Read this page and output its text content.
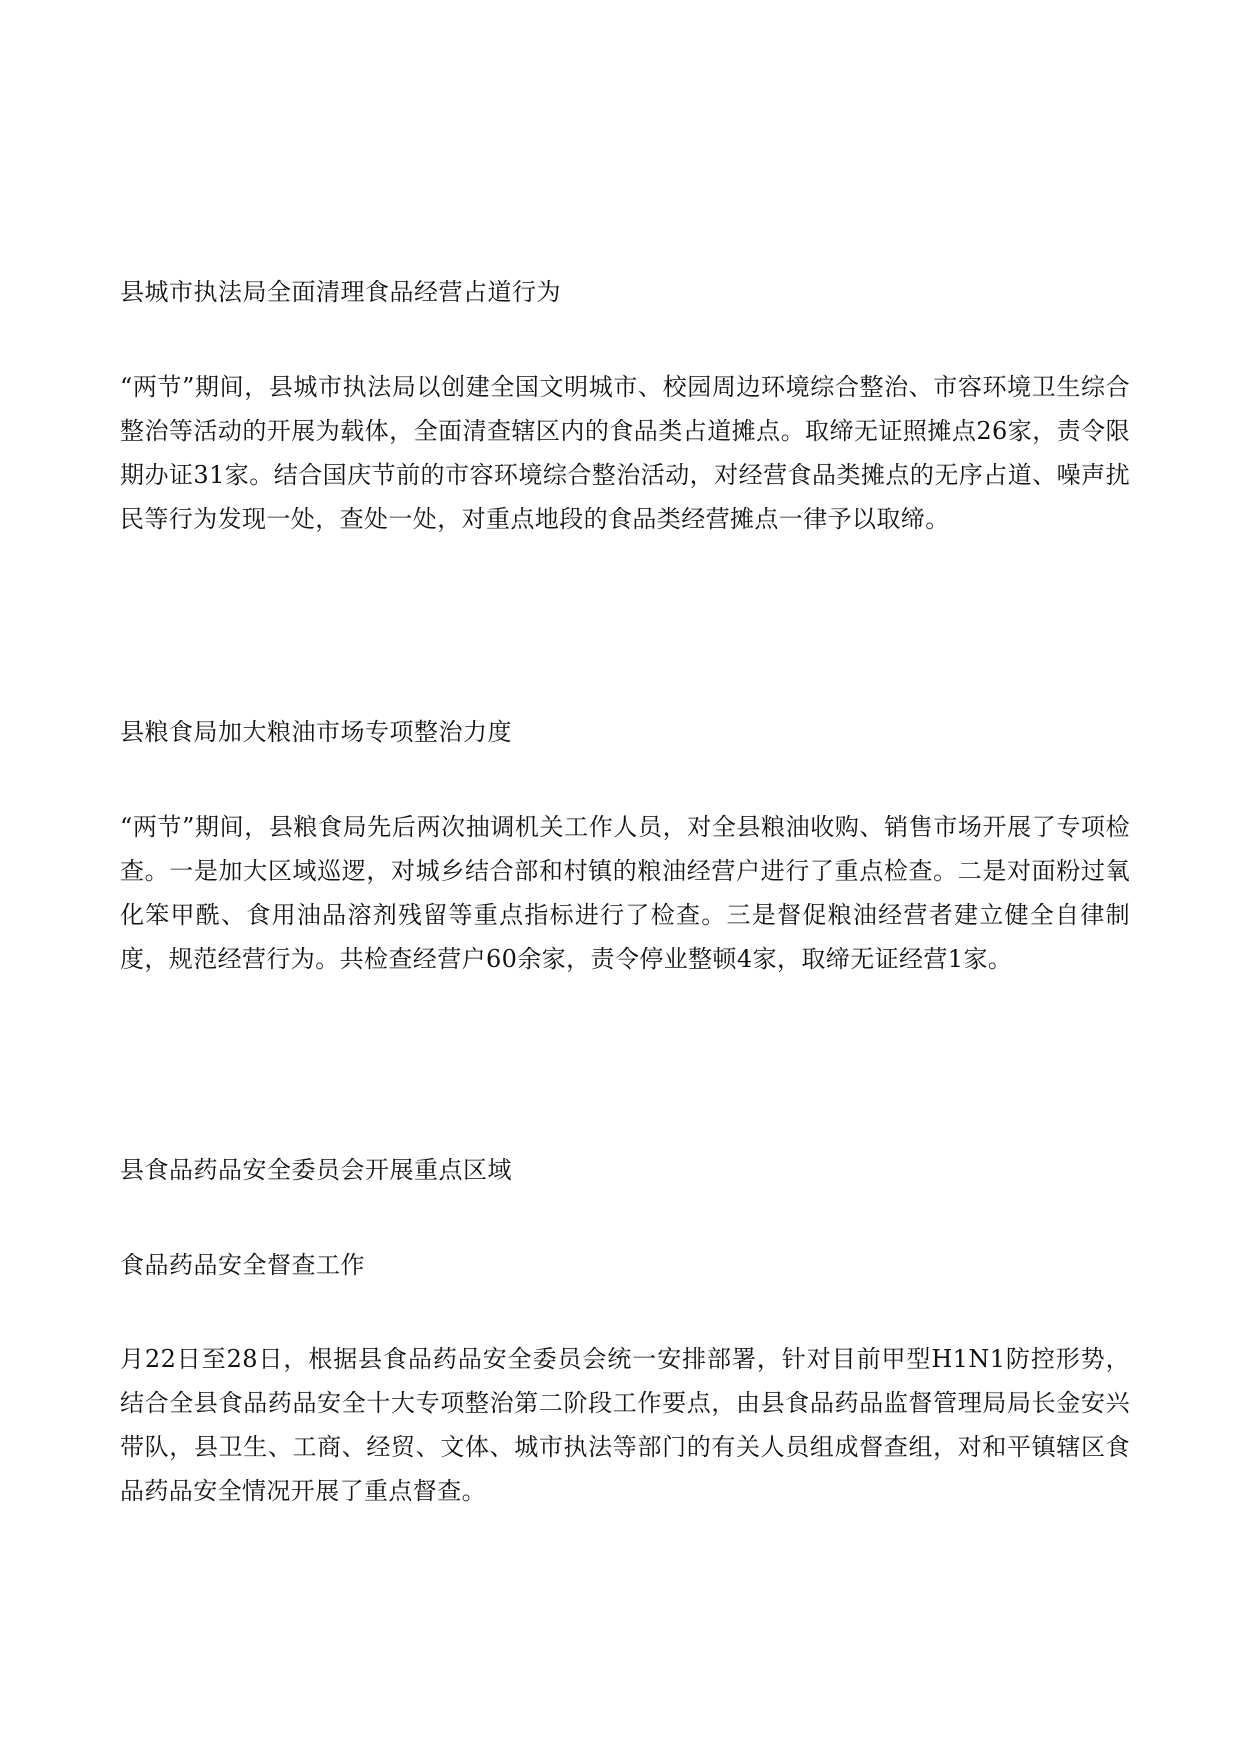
县城市执法局全面清理食品经营占道行为
“两节”期间，县城市执法局以创建全国文明城市、校园周边环境综合整治、市容环境卫生综合整治等活动的开展为载体，全面清查辖区内的食品类占道摊点。取缔无证照摊点26家，责令限期办证31家。结合国庆节前的市容环境综合整治活动，对经营食品类摊点的无序占道、噪声扰民等行为发现一处，查处一处，对重点地段的食品类经营摊点一律予以取缔。
县粮食局加大粮油市场专项整治力度
“两节”期间，县粮食局先后两次抽调机关工作人员，对全县粮油收购、销售市场开展了专项检查。一是加大区域巡逻，对城乡结合部和村镇的粮油经营户进行了重点检查。二是对面粉过氧化笨甲酰、食用油品溶剂残留等重点指标进行了检查。三是督促粮油经营者建立健全自律制度，规范经营行为。共检查经营户60余家，责令停业整顿4家，取缔无证经营1家。
县食品药品安全委员会开展重点区域
食品药品安全督查工作
月22日至28日，根据县食品药品安全委员会统一安排部署，针对目前甲型H1N1防控形势，结合全县食品药品安全十大专项整治第二阶段工作要点，由县食品药品监督管理局局长金安兴带队，县卫生、工商、经贸、文体、城市执法等部门的有关人员组成督查组，对和平镇辖区食品药品安全情况开展了重点督查。
